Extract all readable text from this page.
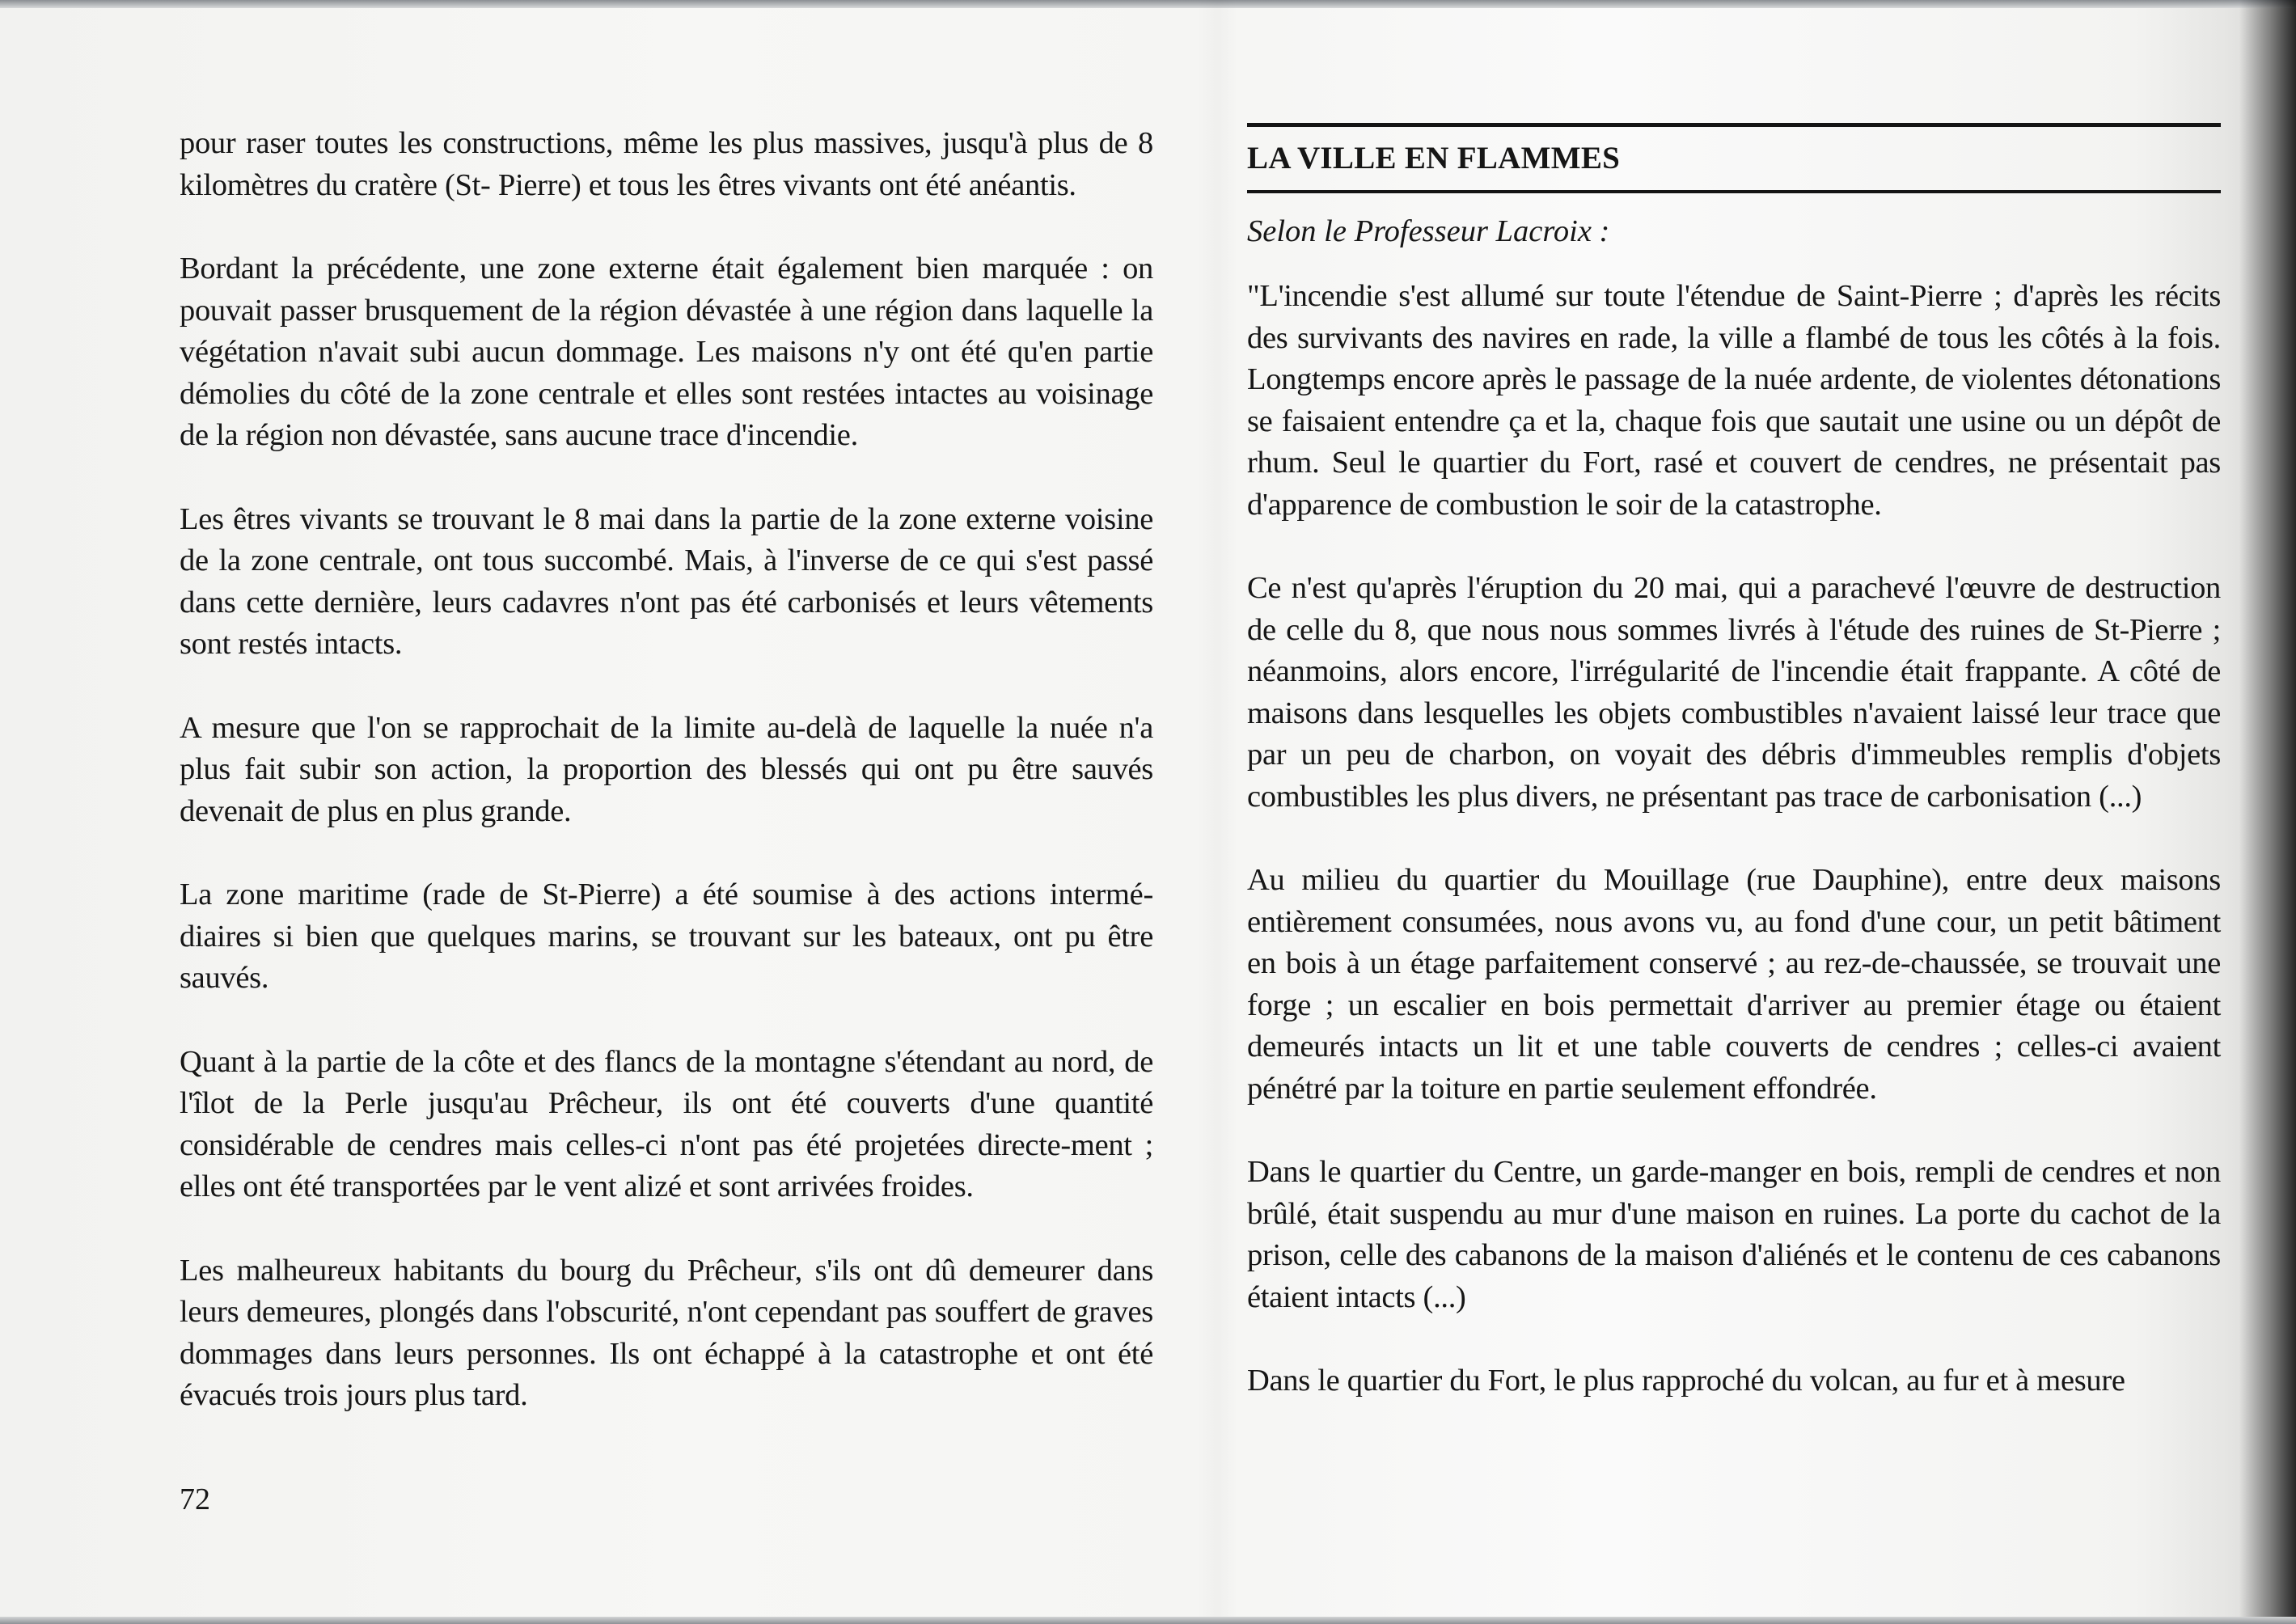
pour raser toutes les constructions, même les plus massives, jusqu'à plus de 8 kilomètres du cratère (St- Pierre) et tous les êtres vivants ont été anéantis.

Bordant la précédente, une zone externe était également bien marquée : on pouvait passer brusquement de la région dévastée à une région dans laquelle la végétation n'avait subi aucun dommage. Les maisons n'y ont été qu'en partie démolies du côté de la zone centrale et elles sont restées intactes au voisinage de la région non dévastée, sans aucune trace d'incendie.

Les êtres vivants se trouvant le 8 mai dans la partie de la zone externe voisine de la zone centrale, ont tous succombé. Mais, à l'inverse de ce qui s'est passé dans cette dernière, leurs cadavres n'ont pas été carbonisés et leurs vêtements sont restés intacts.

A mesure que l'on se rapprochait de la limite au-delà de laquelle la nuée n'a plus fait subir son action, la proportion des blessés qui ont pu être sauvés devenait de plus en plus grande.

La zone maritime (rade de St-Pierre) a été soumise à des actions intermé-diaires si bien que quelques marins, se trouvant sur les bateaux, ont pu être sauvés.

Quant à la partie de la côte et des flancs de la montagne s'étendant au nord, de l'îlot de la Perle jusqu'au Prêcheur, ils ont été couverts d'une quantité considérable de cendres mais celles-ci n'ont pas été projetées directe-ment ; elles ont été transportées par le vent alizé et sont arrivées froides.

Les malheureux habitants du bourg du Prêcheur, s'ils ont dû demeurer dans leurs demeures, plongés dans l'obscurité, n'ont cependant pas souffert de graves dommages dans leurs personnes. Ils ont échappé à la catastrophe et ont été évacués trois jours plus tard.

72

LA VILLE EN FLAMMES

Selon le Professeur Lacroix :

"L'incendie s'est allumé sur toute l'étendue de Saint-Pierre ; d'après les récits des survivants des navires en rade, la ville a flambé de tous les côtés à la fois. Longtemps encore après le passage de la nuée ardente, de violentes détonations se faisaient entendre ça et la, chaque fois que sautait une usine ou un dépôt de rhum. Seul le quartier du Fort, rasé et couvert de cendres, ne présentait pas d'apparence de combustion le soir de la catastrophe.

Ce n'est qu'après l'éruption du 20 mai, qui a parachevé l'œuvre de destruction de celle du 8, que nous nous sommes livrés à l'étude des ruines de St-Pierre ; néanmoins, alors encore, l'irrégularité de l'incendie était frappante. A côté de maisons dans lesquelles les objets combustibles n'avaient laissé leur trace que par un peu de charbon, on voyait des débris d'immeubles remplis d'objets combustibles les plus divers, ne présentant pas trace de carbonisation (...)

Au milieu du quartier du Mouillage (rue Dauphine), entre deux maisons entièrement consumées, nous avons vu, au fond d'une cour, un petit bâtiment en bois à un étage parfaitement conservé ; au rez-de-chaussée, se trouvait une forge ; un escalier en bois permettait d'arriver au premier étage ou étaient demeurés intacts un lit et une table couverts de cendres ; celles-ci avaient pénétré par la toiture en partie seulement effondrée.

Dans le quartier du Centre, un garde-manger en bois, rempli de cendres et non brûlé, était suspendu au mur d'une maison en ruines. La porte du cachot de la prison, celle des cabanons de la maison d'aliénés et le contenu de ces cabanons étaient intacts (...)

Dans le quartier du Fort, le plus rapproché du volcan, au fur et à mesure
